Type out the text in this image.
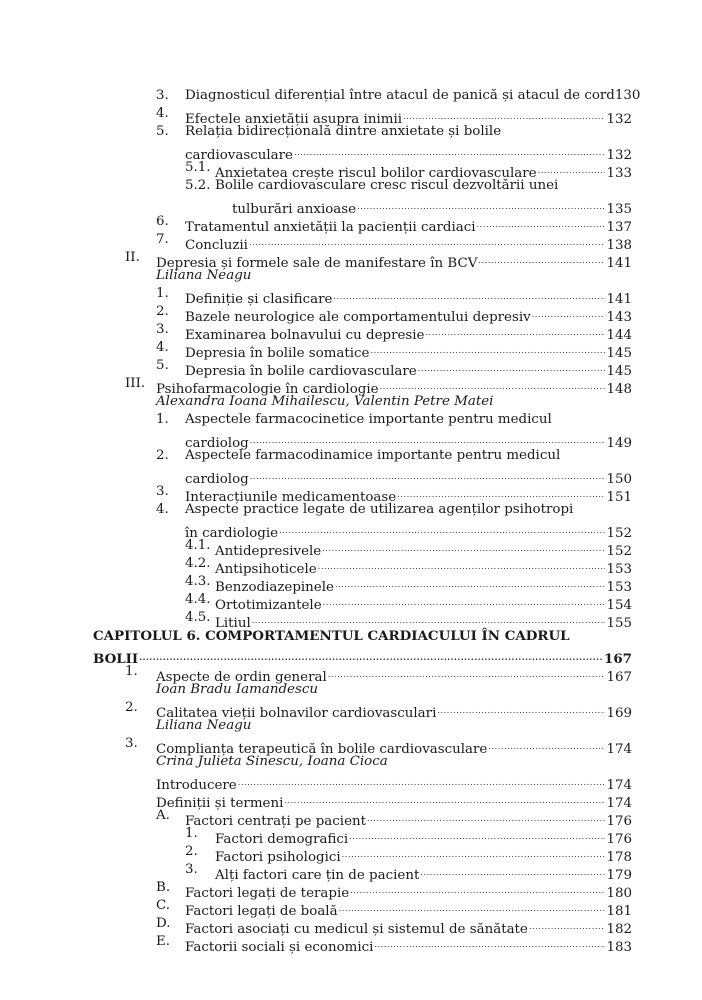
3. Diagnosticul diferențial între atacul de panică și atacul de cord 130
4. Efectele anxietății asupra inimii .....	132
5. Relația bidirecțională dintre anxietate și bolile
cardiovasculare .....	132
5.1. Anxietatea crește riscul bolilor cardiovasculare .....	133
5.2. Bolile cardiovasculare cresc riscul dezvoltării unei
tulburări anxioase .....	135
6. Tratamentul anxietății la pacienții cardiaci .....	137
7. Concluzii .....	138
II. Depresia și formele sale de manifestare în BCV .....	141
Liliana Neagu
1. Definiție și clasificare .....	141
2. Bazele neurologice ale comportamentului depresiv .....	143
3. Examinarea bolnavului cu depresie .....	144
4. Depresia în bolile somatice .....	145
5. Depresia în bolile cardiovasculare .....	145
III. Psihofarmacologie în cardiologie .....	148
Alexandra Ioana Mihailescu, Valentin Petre Matei
1. Aspectele farmacocinetice importante pentru medicul
cardiolog .....	149
2. Aspectele farmacodinamice importante pentru medicul
cardiolog .....	150
3. Interacțiunile medicamentoase .....	151
4. Aspecte practice legate de utilizarea agenților psihotropi
în cardiologie .....	152
4.1. Antidepresivele .....	152
4.2. Antipsihoticele .....	153
4.3. Benzodiazepinele .....	153
4.4. Ortotimizantele .....	154
4.5. Litiul .....	155
CAPITOLUL 6. COMPORTAMENTUL CARDIACULUI ÎN CADRUL
BOLII .....	167
1. Aspecte de ordin general .....	167
Ioan Bradu Iamandescu
2. Calitatea vieții bolnavilor cardiovasculari .....	169
Liliana Neagu
3. Complianța terapeutică în bolile cardiovasculare .....	174
Crina Julieta Sinescu, Ioana Cioca
Introducere .....	174
Definiții și termeni .....	174
A. Factori centrați pe pacient .....	176
1. Factori demografici .....	176
2. Factori psihologici .....	178
3. Alți factori care țin de pacient .....	179
B. Factori legați de terapie .....	180
C. Factori legați de boală .....	181
D. Factori asociați cu medicul și sistemul de sănătate .....	182
E. Factorii sociali și economici .....	183
